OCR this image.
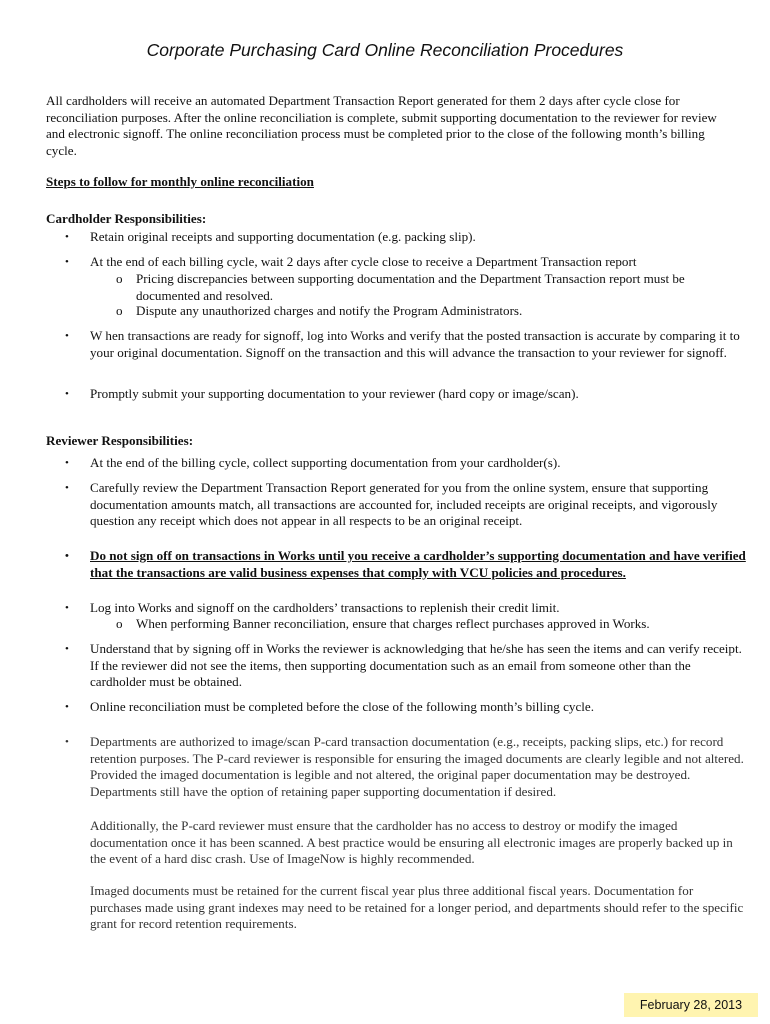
Corporate Purchasing Card Online Reconciliation Procedures

All cardholders will receive an automated Department Transaction Report generated for them 2 days after cycle close for reconciliation purposes. After the online reconciliation is complete, submit supporting documentation to the reviewer for review and electronic signoff. The online reconciliation process must be completed prior to the close of the following month’s billing cycle.

Steps to follow for monthly online reconciliation

Cardholder Responsibilities:

• Retain original receipts and supporting documentation (e.g. packing slip).
• At the end of each billing cycle, wait 2 days after cycle close to receive a Department Transaction report
o Pricing discrepancies between supporting documentation and the Department Transaction report must be documented and resolved.
o Dispute any unauthorized charges and notify the Program Administrators.
• W hen transactions are ready for signoff, log into Works and verify that the posted transaction is accurate by comparing it to your original documentation. Signoff on the transaction and this will advance the transaction to your reviewer for signoff.
• Promptly submit your supporting documentation to your reviewer (hard copy or image/scan).

Reviewer Responsibilities:

• At the end of the billing cycle, collect supporting documentation from your cardholder(s).
• Carefully review the Department Transaction Report generated for you from the online system, ensure that supporting documentation amounts match, all transactions are accounted for, included receipts are original receipts, and vigorously question any receipt which does not appear in all respects to be an original receipt.
• Do not sign off on transactions in Works until you receive a cardholder’s supporting documentation and have verified that the transactions are valid business expenses that comply with VCU policies and procedures.
• Log into Works and signoff on the cardholders’ transactions to replenish their credit limit.
o When performing Banner reconciliation, ensure that charges reflect purchases approved in Works.
• Understand that by signing off in Works the reviewer is acknowledging that he/she has seen the items and can verify receipt. If the reviewer did not see the items, then supporting documentation such as an email from someone other than the cardholder must be obtained.
• Online reconciliation must be completed before the close of the following month’s billing cycle.
• Departments are authorized to image/scan P-card transaction documentation (e.g., receipts, packing slips, etc.) for record retention purposes. The P-card reviewer is responsible for ensuring the imaged documents are clearly legible and not altered. Provided the imaged documentation is legible and not altered, the original paper documentation may be destroyed. Departments still have the option of retaining paper supporting documentation if desired.

Additionally, the P-card reviewer must ensure that the cardholder has no access to destroy or modify the imaged documentation once it has been scanned. A best practice would be ensuring all electronic images are properly backed up in the event of a hard disc crash. Use of ImageNow is highly recommended.

Imaged documents must be retained for the current fiscal year plus three additional fiscal years. Documentation for purchases made using grant indexes may need to be retained for a longer period, and departments should refer to the specific grant for record retention requirements.

February 28, 2013
